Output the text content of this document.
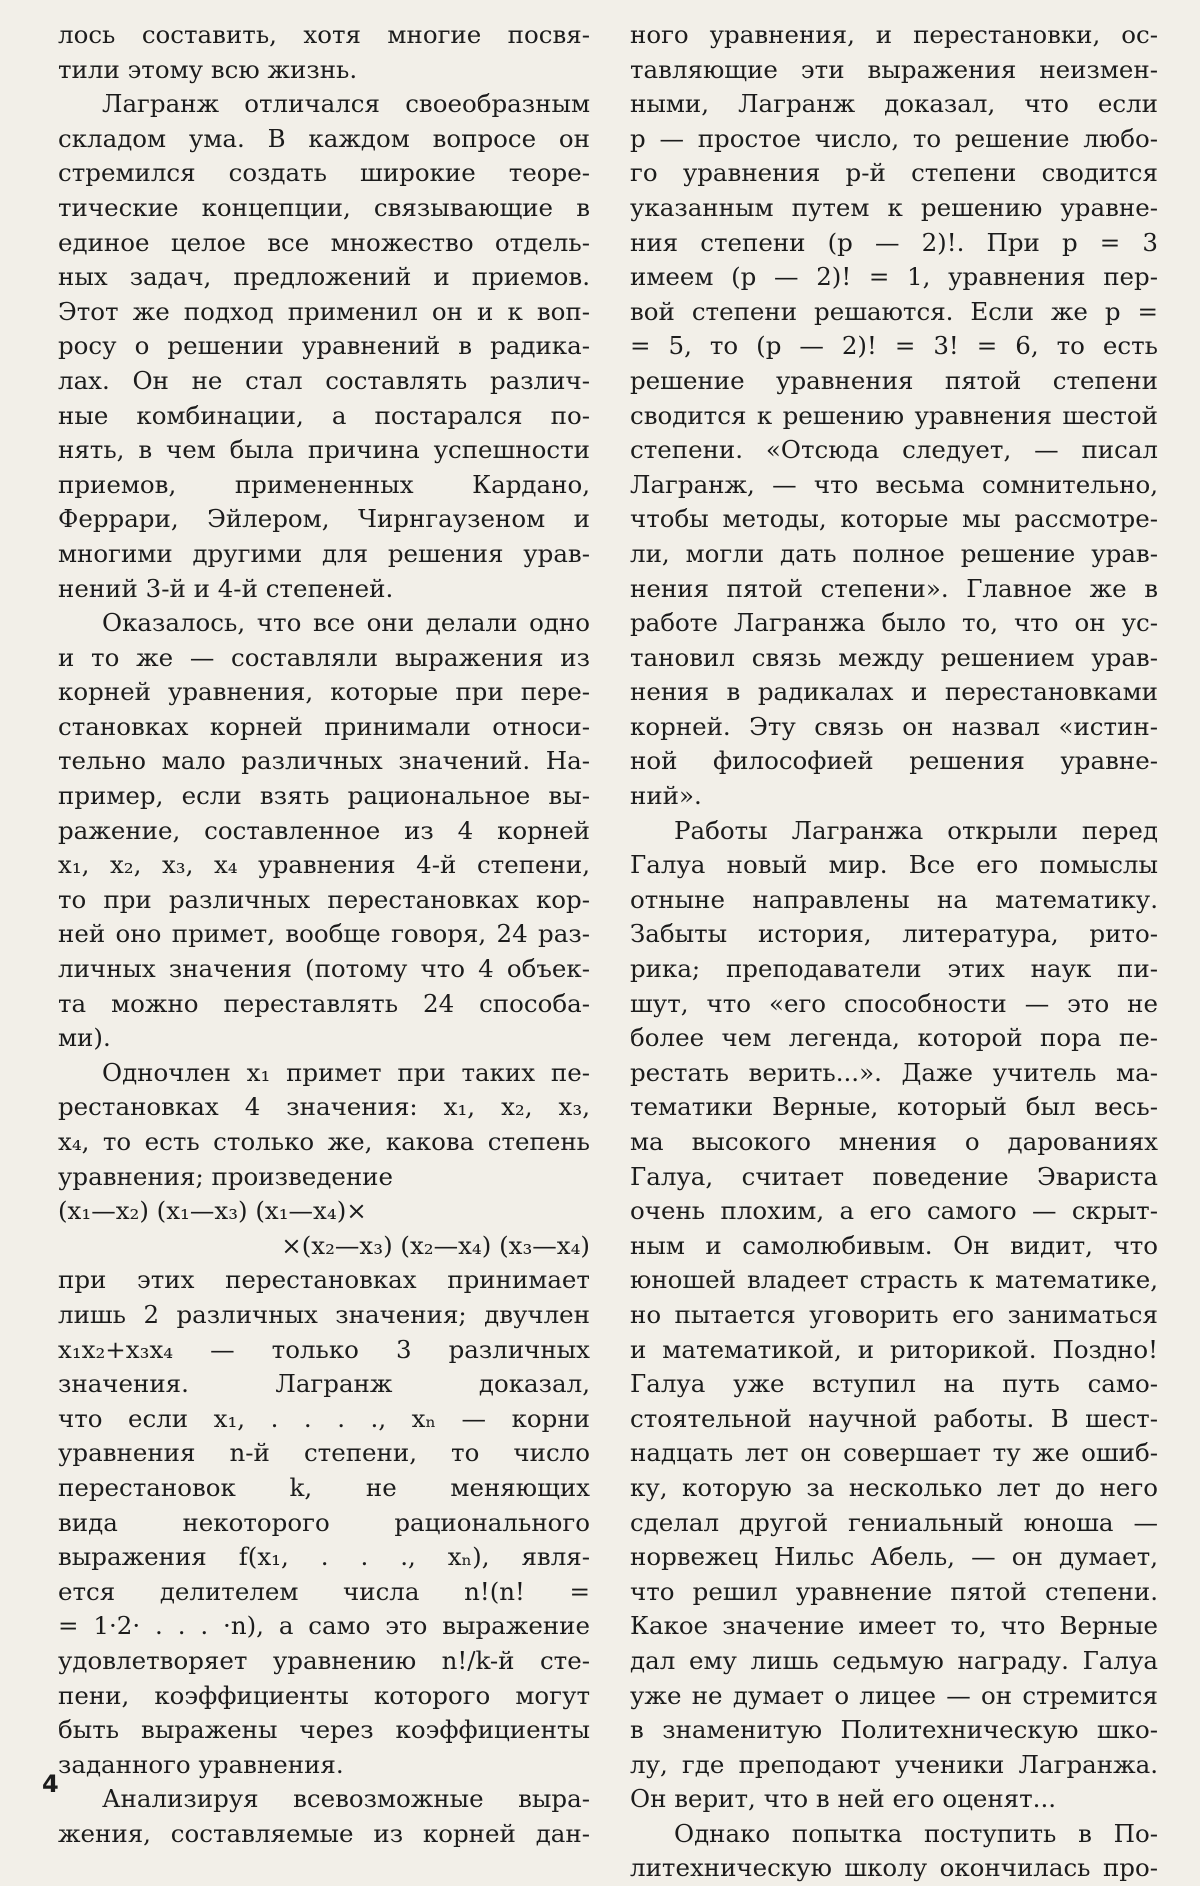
лось составить, хотя многие посвя-
тили этому всю жизнь.
Лагранж отличался своеобразным
складом ума. В каждом вопросе он
стремился создать широкие теоре-
тические концепции, связывающие в
единое целое все множество отдель-
ных задач, предложений и приемов.
Этот же подход применил он и к воп-
росу о решении уравнений в радика-
лах. Он не стал составлять различ-
ные комбинации, а постарался по-
нять, в чем была причина успешности
приемов, примененных Кардано,
Феррари, Эйлером, Чирнгаузеном и
многими другими для решения урав-
нений 3-й и 4-й степеней.
Оказалось, что все они делали одно
и то же — составляли выражения из
корней уравнения, которые при пере-
становках корней принимали относи-
тельно мало различных значений. На-
пример, если взять рациональное вы-
ражение, составленное из 4 корней
x₁, x₂, x₃, x₄ уравнения 4-й степени,
то при различных перестановках кор-
ней оно примет, вообще говоря, 24 раз-
личных значения (потому что 4 объек-
та можно переставлять 24 способа-
ми).
Одночлен x₁ примет при таких пе-
рестановках 4 значения: x₁, x₂, x₃,
x₄, то есть столько же, какова степень
уравнения; произведение
(x₁—x₂) (x₁—x₃) (x₁—x₄)×
×(x₂—x₃) (x₂—x₄) (x₃—x₄)
при этих перестановках принимает
лишь 2 различных значения; двучлен
x₁x₂+x₃x₄ — только 3 различных
значения. Лагранж доказал,
что если x₁, . . . ., xₙ — корни
уравнения n-й степени, то число
перестановок k, не меняющих
вида некоторого рационального
выражения f(x₁, . . ., xₙ), явля-
ется делителем числа n!(n! =
= 1·2· . . . ·n), а само это выражение
удовлетворяет уравнению n!/k-й сте-
пени, коэффициенты которого могут
быть выражены через коэффициенты
заданного уравнения.
Анализируя всевозможные выра-
жения, составляемые из корней дан-
ного уравнения, и перестановки, ос-
тавляющие эти выражения неизмен-
ными, Лагранж доказал, что если
p — простое число, то решение любо-
го уравнения p-й степени сводится
указанным путем к решению уравне-
ния степени (p — 2)!. При p = 3
имеем (p — 2)! = 1, уравнения пер-
вой степени решаются. Если же p =
= 5, то (p — 2)! = 3! = 6, то есть
решение уравнения пятой степени
сводится к решению уравнения шестой
степени. «Отсюда следует, — писал
Лагранж, — что весьма сомнительно,
чтобы методы, которые мы рассмотре-
ли, могли дать полное решение урав-
нения пятой степени». Главное же в
работе Лагранжа было то, что он ус-
тановил связь между решением урав-
нения в радикалах и перестановками
корней. Эту связь он назвал «истин-
ной философией решения уравне-
ний».
Работы Лагранжа открыли перед
Галуа новый мир. Все его помыслы
отныне направлены на математику.
Забыты история, литература, рито-
рика; преподаватели этих наук пи-
шут, что «его способности — это не
более чем легенда, которой пора пе-
рестать верить...». Даже учитель ма-
тематики Верные, который был весь-
ма высокого мнения о дарованиях
Галуа, считает поведение Эвариста
очень плохим, а его самого — скрыт-
ным и самолюбивым. Он видит, что
юношей владеет страсть к математике,
но пытается уговорить его заниматься
и математикой, и риторикой. Поздно!
Галуа уже вступил на путь само-
стоятельной научной работы. В шест-
надцать лет он совершает ту же ошиб-
ку, которую за несколько лет до него
сделал другой гениальный юноша —
норвежец Нильс Абель, — он думает,
что решил уравнение пятой степени.
Какое значение имеет то, что Верные
дал ему лишь седьмую награду. Галуа
уже не думает о лицее — он стремится
в знаменитую Политехническую шко-
лу, где преподают ученики Лагранжа.
Он верит, что в ней его оценят...
Однако попытка поступить в По-
литехническую школу окончилась про-
4
